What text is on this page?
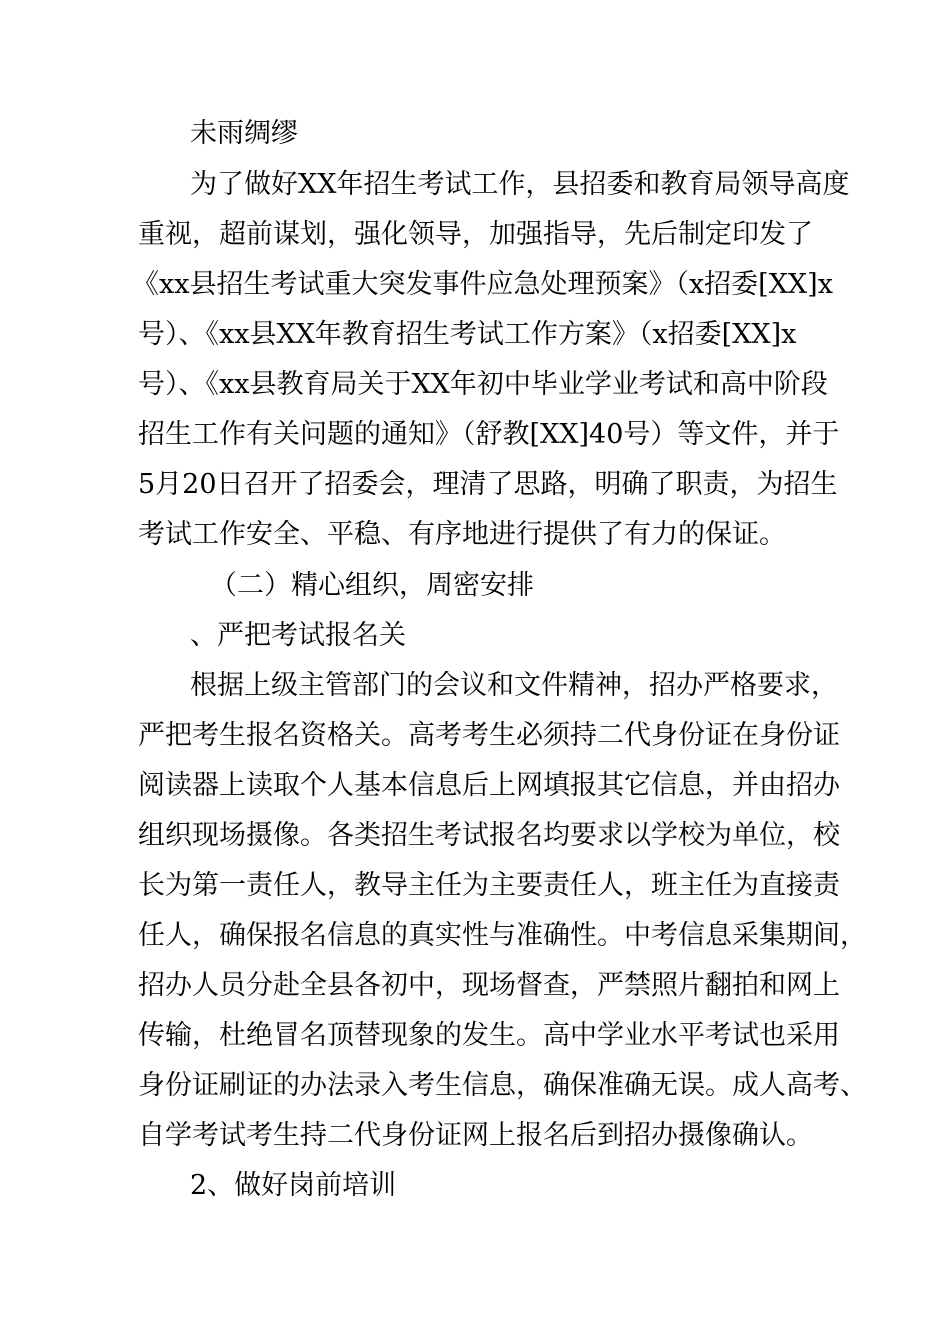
未雨绸缪
为了做好XX年招生考试工作，县招委和教育局领导高度
重视，超前谋划，强化领导，加强指导，先后制定印发了
《xx县招生考试重大突发事件应急处理预案》（x招委[XX]x
号）、《xx县XX年教育招生考试工作方案》（x招委[XX]x
号）、《xx县教育局关于XX年初中毕业学业考试和高中阶段
招生工作有关问题的通知》（舒教[XX]40号）等文件，并于
5月20日召开了招委会，理清了思路，明确了职责，为招生
考试工作安全、平稳、有序地进行提供了有力的保证。
（二）精心组织，周密安排
、严把考试报名关
根据上级主管部门的会议和文件精神，招办严格要求，
严把考生报名资格关。高考考生必须持二代身份证在身份证
阅读器上读取个人基本信息后上网填报其它信息，并由招办
组织现场摄像。各类招生考试报名均要求以学校为单位，校
长为第一责任人，教导主任为主要责任人，班主任为直接责
任人，确保报名信息的真实性与准确性。中考信息采集期间，
招办人员分赴全县各初中，现场督查，严禁照片翻拍和网上
传输，杜绝冒名顶替现象的发生。高中学业水平考试也采用
身份证刷证的办法录入考生信息，确保准确无误。成人高考、
自学考试考生持二代身份证网上报名后到招办摄像确认。
2、做好岗前培训
